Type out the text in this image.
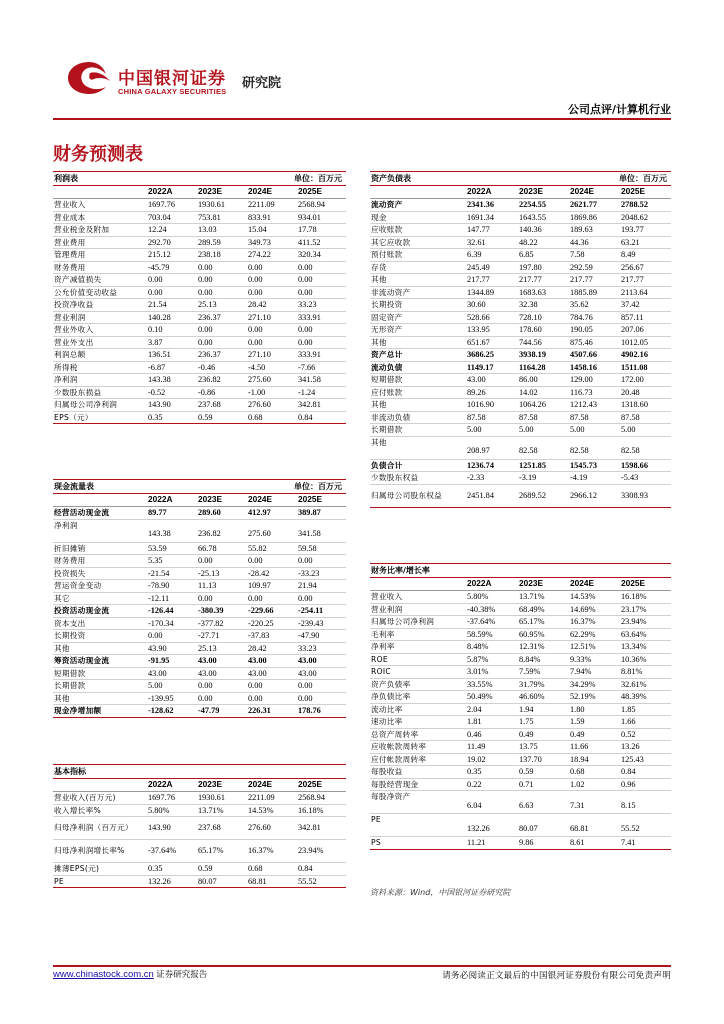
中国银河证券
CHINA GALAXY SECURITIES
研究院
公司点评/计算机行业
财务预测表
利润表			单位：百万元	
	2022A	2023E	2024E	2025E
营业收入	1697.76	1930.61	2211.09	2568.94
营业成本	703.04	753.81	833.91	934.01
营业税金及附加	12.24	13.03	15.04	17.78
营业费用	292.70	289.59	349.73	411.52
管理费用	215.12	238.18	274.22	320.34
财务费用	-45.79	0.00	0.00	0.00
资产减值损失	0.00	0.00	0.00	0.00
公允价值变动收益	0.00	0.00	0.00	0.00
投资净收益	21.54	25.13	28.42	33.23
营业利润	140.28	236.37	271.10	333.91
营业外收入	0.10	0.00	0.00	0.00
营业外支出	3.87	0.00	0.00	0.00
利润总额	136.51	236.37	271.10	333.91
所得税	-6.87	-0.46	-4.50	-7.66
净利润	143.38	236.82	275.60	341.58
少数股东损益	-0.52	-0.86	-1.00	-1.24
归属母公司净利润	143.90	237.68	276.60	342.81
EPS（元）	0.35	0.59	0.68	0.84
现金流量表			单位：百万元	
	2022A	2023E	2024E	2025E
经营活动现金流	89.77	289.60	412.97	389.87
净利润	143.38	236.82	275.60	341.58
折旧摊销	53.59	66.78	55.82	59.58
财务费用	5.35	0.00	0.00	0.00
投资损失	-21.54	-25.13	-28.42	-33.23
营运资金变动	-78.90	11.13	109.97	21.94
其它	-12.11	0.00	0.00	0.00
投资活动现金流	-126.44	-380.39	-229.66	-254.11
资本支出	-170.34	-377.82	-220.25	-239.43
长期投资	0.00	-27.71	-37.83	-47.90
其他	43.90	25.13	28.42	33.23
筹资活动现金流	-91.95	43.00	43.00	43.00
短期借款	43.00	43.00	43.00	43.00
长期借款	5.00	0.00	0.00	0.00
其他	-139.95	0.00	0.00	0.00
现金净增加额	-128.62	-47.79	226.31	178.76
基本指标				
	2022A	2023E	2024E	2025E
营业收入(百万元)	1697.76	1930.61	2211.09	2568.94
收入增长率%	5.80%	13.71%	14.53%	16.18%
归母净利润（百万元）	143.90	237.68	276.60	342.81
归母净利润增长率%	-37.64%	65.17%	16.37%	23.94%
摊薄EPS(元)	0.35	0.59	0.68	0.84
PE	132.26	80.07	68.81	55.52
资产负债表			单位：百万元	
	2022A	2023E	2024E	2025E
流动资产	2341.36	2254.55	2621.77	2788.52
现金	1691.34	1643.55	1869.86	2048.62
应收账款	147.77	140.36	189.63	193.77
其它应收款	32.61	48.22	44.36	63.21
预付账款	6.39	6.85	7.58	8.49
存货	245.49	197.80	292.59	256.67
其他	217.77	217.77	217.77	217.77
非流动资产	1344.89	1683.63	1885.89	2113.64
长期投资	30.60	32.38	35.62	37.42
固定资产	528.66	728.10	784.76	857.11
无形资产	133.95	178.60	190.05	207.06
其他	651.67	744.56	875.46	1012.05
资产总计	3686.25	3938.19	4507.66	4902.16
流动负债	1149.17	1164.28	1458.16	1511.08
短期借款	43.00	86.00	129.00	172.00
应付账款	89.26	14.02	116.73	20.48
其他	1016.90	1064.26	1212.43	1318.60
非流动负债	87.58	87.58	87.58	87.58
长期借款	5.00	5.00	5.00	5.00
其他	208.97	82.58	82.58	82.58
负债合计	1236.74	1251.85	1545.73	1598.66
少数股东权益	-2.33	-3.19	-4.19	-5.43
归属母公司股东权益	2451.84	2689.52	2966.12	3308.93
财务比率/增长率				
	2022A	2023E	2024E	2025E
营业收入	5.80%	13.71%	14.53%	16.18%
营业利润	-40.38%	68.49%	14.69%	23.17%
归属母公司净利润	-37.64%	65.17%	16.37%	23.94%
毛利率	58.59%	60.95%	62.29%	63.64%
净利率	8.48%	12.31%	12.51%	13.34%
ROE	5.87%	8.84%	9.33%	10.36%
ROIC	3.01%	7.59%	7.94%	8.81%
资产负债率	33.55%	31.79%	34.29%	32.61%
净负债比率	50.49%	46.60%	52.19%	48.39%
流动比率	2.04	1.94	1.80	1.85
速动比率	1.81	1.75	1.59	1.66
总资产周转率	0.46	0.49	0.49	0.52
应收帐款周转率	11.49	13.75	11.66	13.26
应付帐款周转率	19.02	137.70	18.94	125.43
每股收益	0.35	0.59	0.68	0.84
每股经营现金	0.22	0.71	1.02	0.96
每股净资产	6.04	6.63	7.31	8.15
PE	132.26	80.07	68.81	55.52
PS	11.21	9.86	8.61	7.41
资料来源：Wind，中国银河证券研究院
www.chinastock.com.cn 证券研究报告	请务必阅读正文最后的中国银河证券股份有限公司免责声明
